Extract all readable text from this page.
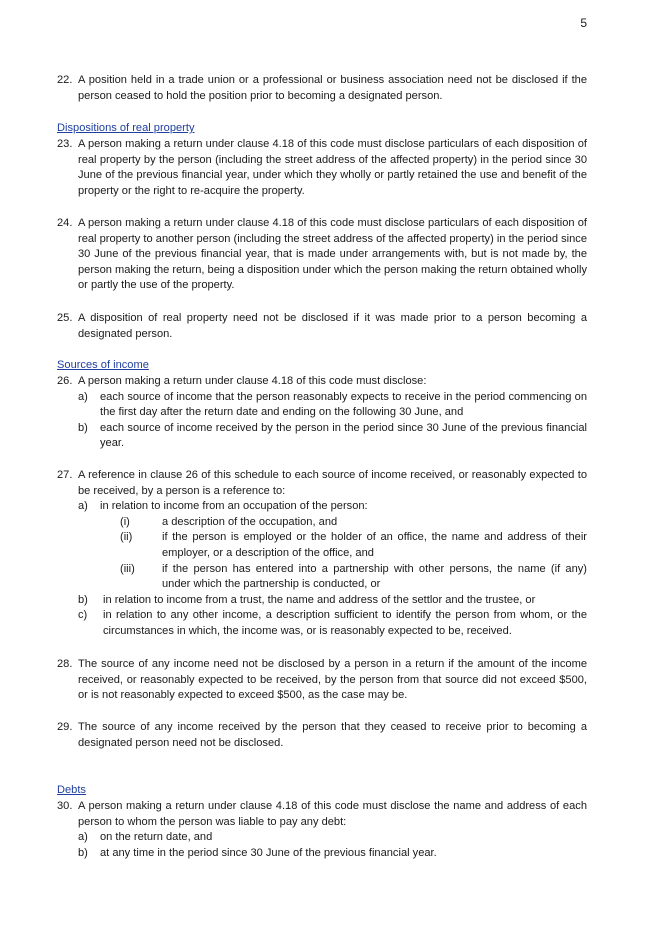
5
22. A position held in a trade union or a professional or business association need not be disclosed if the person ceased to hold the position prior to becoming a designated person.
Dispositions of real property
23. A person making a return under clause 4.18 of this code must disclose particulars of each disposition of real property by the person (including the street address of the affected property) in the period since 30 June of the previous financial year, under which they wholly or partly retained the use and benefit of the property or the right to re-acquire the property.
24. A person making a return under clause 4.18 of this code must disclose particulars of each disposition of real property to another person (including the street address of the affected property) in the period since 30 June of the previous financial year, that is made under arrangements with, but is not made by, the person making the return, being a disposition under which the person making the return obtained wholly or partly the use of the property.
25. A disposition of real property need not be disclosed if it was made prior to a person becoming a designated person.
Sources of income
26. A person making a return under clause 4.18 of this code must disclose:
a) each source of income that the person reasonably expects to receive in the period commencing on the first day after the return date and ending on the following 30 June, and
b) each source of income received by the person in the period since 30 June of the previous financial year.
27. A reference in clause 26 of this schedule to each source of income received, or reasonably expected to be received, by a person is a reference to:
a) in relation to income from an occupation of the person:
(i)	a description of the occupation, and
(ii)	if the person is employed or the holder of an office, the name and address of their employer, or a description of the office, and
(iii) if the person has entered into a partnership with other persons, the name (if any) under which the partnership is conducted, or
b) in relation to income from a trust, the name and address of the settlor and the trustee, or
c) in relation to any other income, a description sufficient to identify the person from whom, or the circumstances in which, the income was, or is reasonably expected to be, received.
28. The source of any income need not be disclosed by a person in a return if the amount of the income received, or reasonably expected to be received, by the person from that source did not exceed $500, or is not reasonably expected to exceed $500, as the case may be.
29. The source of any income received by the person that they ceased to receive prior to becoming a designated person need not be disclosed.
Debts
30. A person making a return under clause 4.18 of this code must disclose the name and address of each person to whom the person was liable to pay any debt:
a) on the return date, and
b) at any time in the period since 30 June of the previous financial year.
